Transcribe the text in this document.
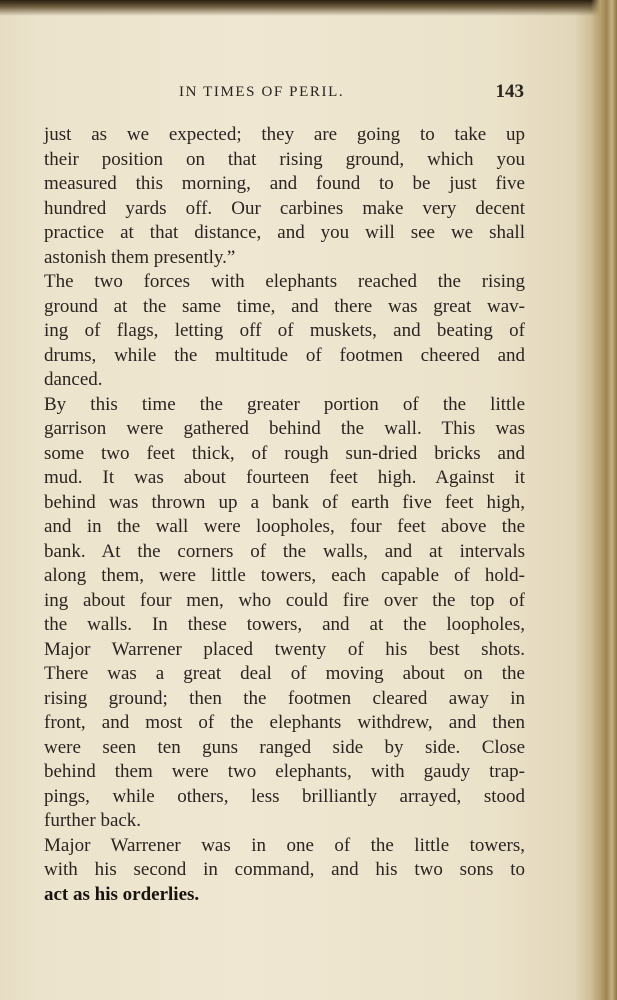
IN TIMES OF PERIL.	143
just as we expected; they are going to take up
their position on that rising ground, which you
measured this morning, and found to be just five
hundred yards off. Our carbines make very decent
practice at that distance, and you will see we shall
astonish them presently.”
The two forces with elephants reached the rising
ground at the same time, and there was great wav-
ing of flags, letting off of muskets, and beating of
drums, while the multitude of footmen cheered and
danced.
By this time the greater portion of the little
garrison were gathered behind the wall. This was
some two feet thick, of rough sun-dried bricks and
mud. It was about fourteen feet high. Against it
behind was thrown up a bank of earth five feet high,
and in the wall were loopholes, four feet above the
bank. At the corners of the walls, and at intervals
along them, were little towers, each capable of hold-
ing about four men, who could fire over the top of
the walls. In these towers, and at the loopholes,
Major Warrener placed twenty of his best shots.
There was a great deal of moving about on the
rising ground; then the footmen cleared away in
front, and most of the elephants withdrew, and then
were seen ten guns ranged side by side. Close
behind them were two elephants, with gaudy trap-
pings, while others, less brilliantly arrayed, stood
further back.
Major Warrener was in one of the little towers,
with his second in command, and his two sons to
act as his orderlies.
